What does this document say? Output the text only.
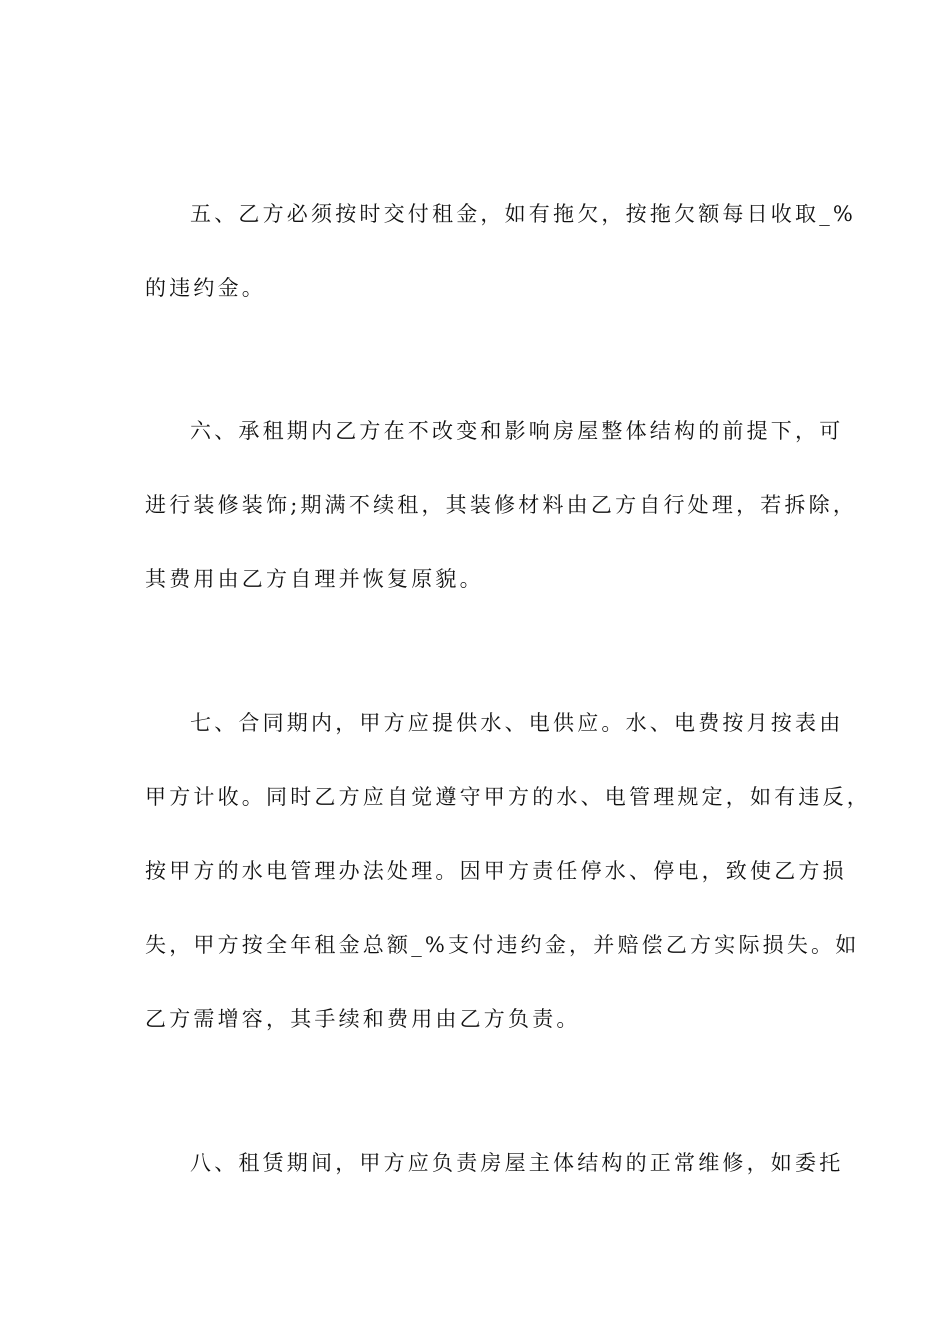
五、乙方必须按时交付租金，如有拖欠，按拖欠额每日收取_%
的违约金。
六、承租期内乙方在不改变和影响房屋整体结构的前提下，可
进行装修装饰;期满不续租，其装修材料由乙方自行处理，若拆除，
其费用由乙方自理并恢复原貌。
七、合同期内，甲方应提供水、电供应。水、电费按月按表由
甲方计收。同时乙方应自觉遵守甲方的水、电管理规定，如有违反，
按甲方的水电管理办法处理。因甲方责任停水、停电，致使乙方损
失，甲方按全年租金总额_%支付违约金，并赔偿乙方实际损失。如
乙方需增容，其手续和费用由乙方负责。
八、租赁期间，甲方应负责房屋主体结构的正常维修，如委托
